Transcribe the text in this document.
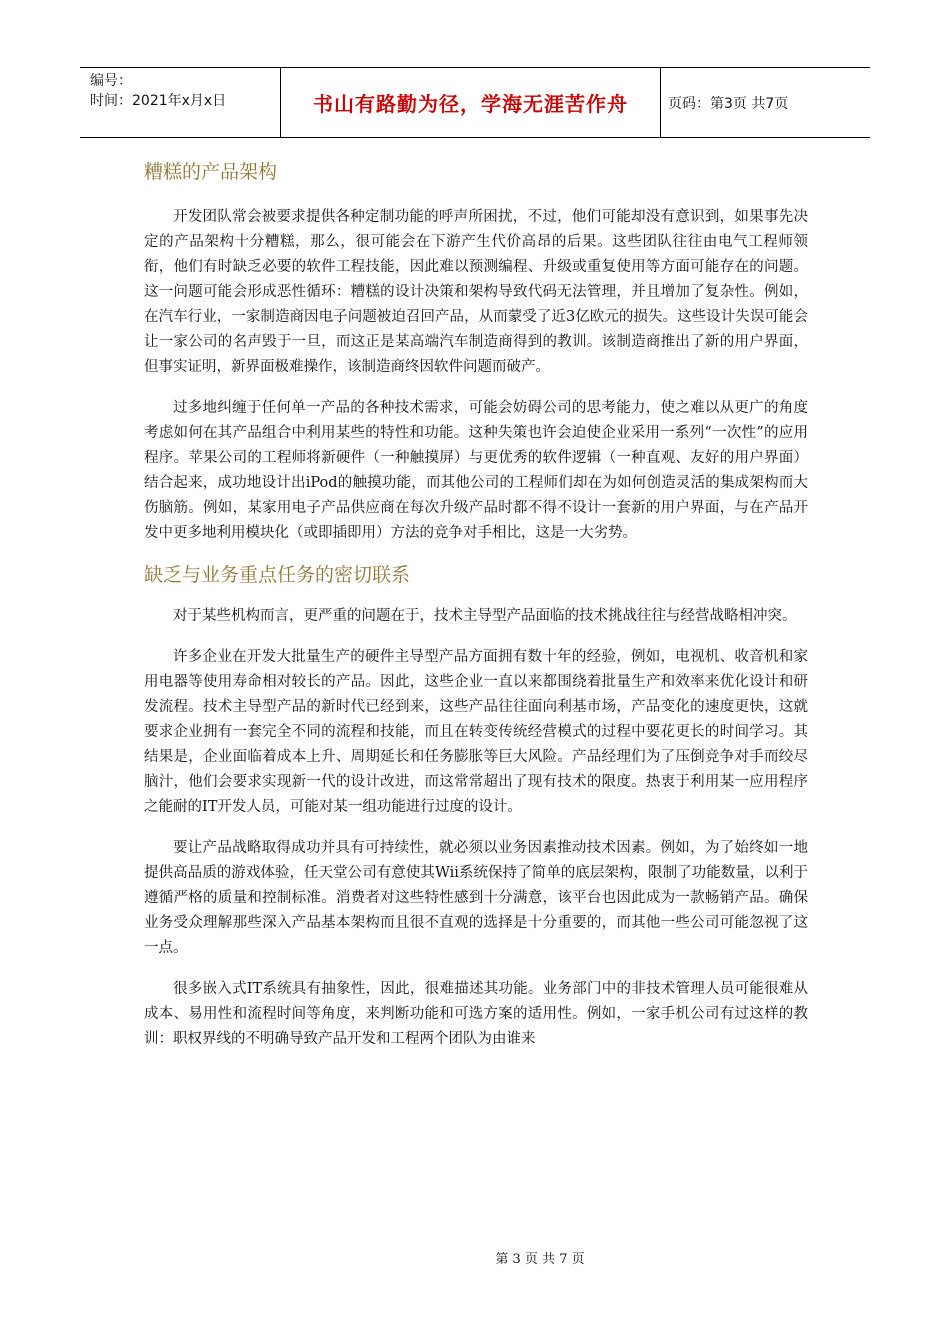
编号：
时间：2021年x月x日	书山有路勤为径，学海无涯苦作舟	页码：第3页 共7页
糟糕的产品架构

开发团队常会被要求提供各种定制功能的呼声所困扰，不过，他们可能却没有意识到，如果事先决定的产品架构十分糟糕，那么，很可能会在下游产生代价高昂的后果。这些团队往往由电气工程师领衔，他们有时缺乏必要的软件工程技能，因此难以预测编程、升级或重复使用等方面可能存在的问题。这一问题可能会形成恶性循环：糟糕的设计决策和架构导致代码无法管理，并且增加了复杂性。例如，在汽车行业，一家制造商因电子问题被迫召回产品，从而蒙受了近3亿欧元的损失。这些设计失误可能会让一家公司的名声毁于一旦，而这正是某高端汽车制造商得到的教训。该制造商推出了新的用户界面，但事实证明，新界面极难操作，该制造商终因软件问题而破产。

过多地纠缠于任何单一产品的各种技术需求，可能会妨碍公司的思考能力，使之难以从更广的角度考虑如何在其产品组合中利用某些的特性和功能。这种失策也许会迫使企业采用一系列“一次性”的应用程序。苹果公司的工程师将新硬件（一种触摸屏）与更优秀的软件逻辑（一种直观、友好的用户界面）结合起来，成功地设计出iPod的触摸功能，而其他公司的工程师们却在为如何创造灵活的集成架构而大伤脑筋。例如，某家用电子产品供应商在每次升级产品时都不得不设计一套新的用户界面，与在产品开发中更多地利用模块化（或即插即用）方法的竞争对手相比，这是一大劣势。

缺乏与业务重点任务的密切联系

对于某些机构而言，更严重的问题在于，技术主导型产品面临的技术挑战往往与经营战略相冲突。

许多企业在开发大批量生产的硬件主导型产品方面拥有数十年的经验，例如，电视机、收音机和家用电器等使用寿命相对较长的产品。因此，这些企业一直以来都围绕着批量生产和效率来优化设计和研发流程。技术主导型产品的新时代已经到来，这些产品往往面向利基市场，产品变化的速度更快，这就要求企业拥有一套完全不同的流程和技能，而且在转变传统经营模式的过程中要花更长的时间学习。其结果是，企业面临着成本上升、周期延长和任务膨胀等巨大风险。产品经理们为了压倒竞争对手而绞尽脑汁，他们会要求实现新一代的设计改进，而这常常超出了现有技术的限度。热衷于利用某一应用程序之能耐的IT开发人员，可能对某一组功能进行过度的设计。

要让产品战略取得成功并具有可持续性，就必须以业务因素推动技术因素。例如，为了始终如一地提供高品质的游戏体验，任天堂公司有意使其Wii系统保持了简单的底层架构，限制了功能数量，以利于遵循严格的质量和控制标准。消费者对这些特性感到十分满意，该平台也因此成为一款畅销产品。确保业务受众理解那些深入产品基本架构而且很不直观的选择是十分重要的，而其他一些公司可能忽视了这一点。

很多嵌入式IT系统具有抽象性，因此，很难描述其功能。业务部门中的非技术管理人员可能很难从成本、易用性和流程时间等角度，来判断功能和可选方案的适用性。例如，一家手机公司有过这样的教训：职权界线的不明确导致产品开发和工程两个团队为由谁来

第 3 页 共 7 页
